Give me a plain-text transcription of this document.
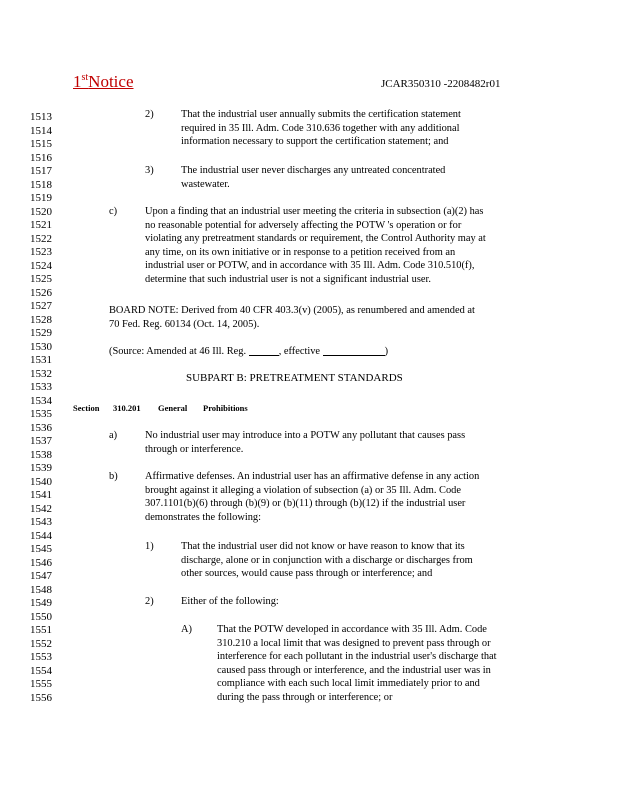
1stNotice	JCAR350310 -2208482r01
1513
1514
1515
1516
1517
1518
1519
1520
1521
1522
1523
1524
1525
1526
1527
1528
1529
1530
1531
1532
1533
1534
1535
1536
1537
1538
1539
1540
1541
1542
1543
1544
1545
1546
1547
1548
1549
1550
1551
1552
1553
1554
1555
1556
2)	That the industrial user annually submits the certification statement
required in 35 Ill. Adm. Code 310.636 together with any additional
information necessary to support the certification statement; and
3)	The industrial user never discharges any untreated concentrated
wastewater.
c)	Upon a finding that an industrial user meeting the criteria in subsection (a)(2) has
no reasonable potential for adversely affecting the POTW 's operation or for
violating any pretreatment standards or requirement, the Control Authority may at
any time, on its own initiative or in response to a petition received from an
industrial user or POTW, and in accordance with 35 Ill. Adm. Code 310.510(f),
determine that such industrial user is not a significant industrial user.
BOARD NOTE: Derived from 40 CFR 403.3(v) (2005), as renumbered and amended at
70 Fed. Reg. 60134 (Oct. 14, 2005).
(Source: Amended at 46 Ill. Reg.	, effective	)
SUBPART B: PRETREATMENT STANDARDS
Section 310.201 General Prohibitions
a)	No industrial user may introduce into a POTW any pollutant that causes pass
through or interference.
b)	Affirmative defenses. An industrial user has an affirmative defense in any action
brought against it alleging a violation of subsection (a) or 35 Ill. Adm. Code
307.1101(b)(6) through (b)(9) or (b)(11) through (b)(12) if the industrial user
demonstrates the following:
1)	That the industrial user did not know or have reason to know that its
discharge, alone or in conjunction with a discharge or discharges from
other sources, would cause pass through or interference; and
2)	Either of the following:
A) That the POTW developed in accordance with 35 Ill. Adm. Code
310.210 a local limit that was designed to prevent pass through or
interference for each pollutant in the industrial user's discharge that
caused pass through or interference, and the industrial user was in
compliance with each such local limit immediately prior to and
during the pass through or interference; or
